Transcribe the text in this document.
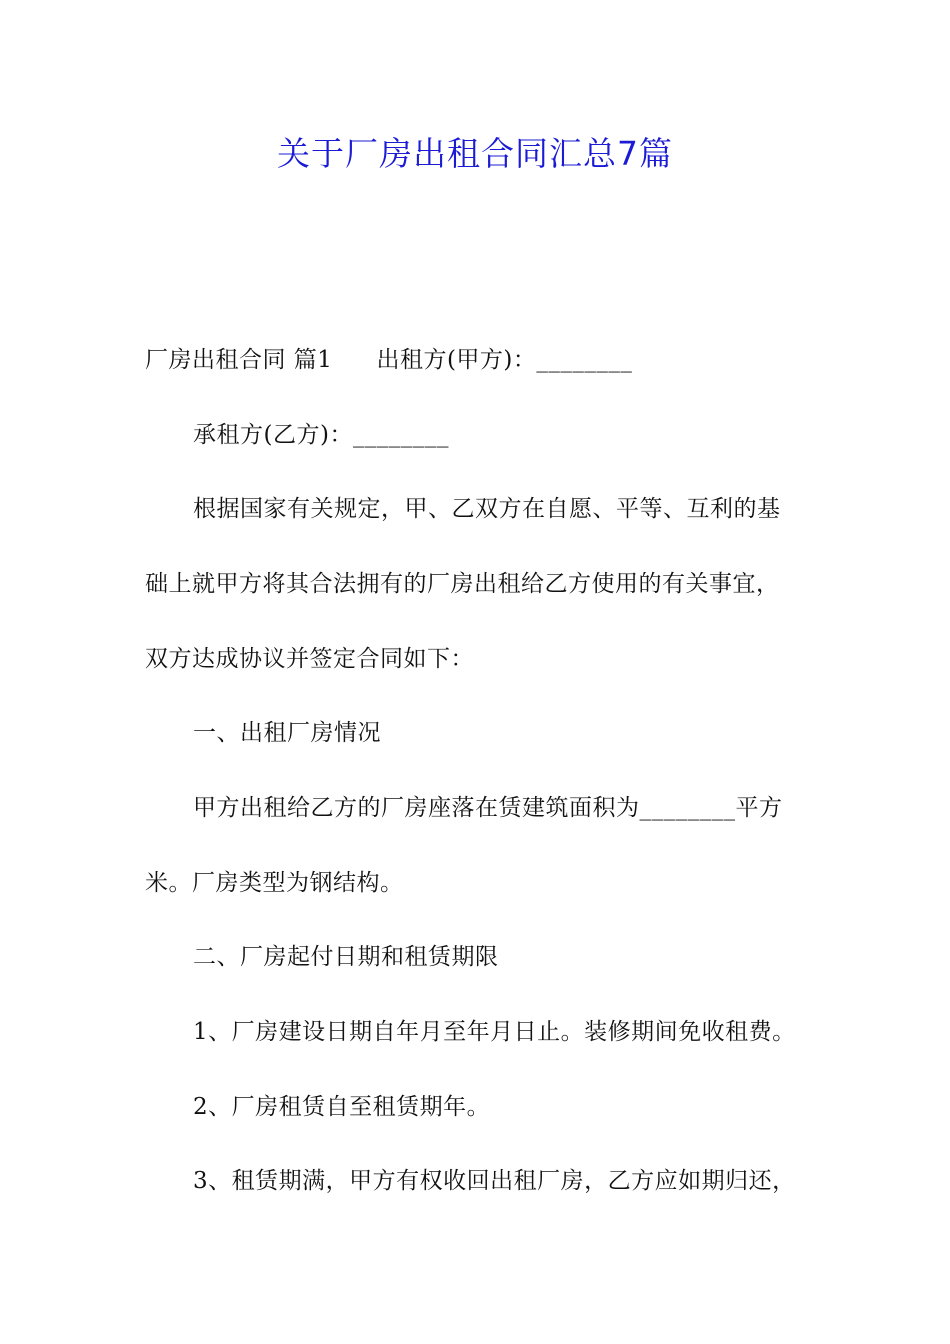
关于厂房出租合同汇总7篇
厂房出租合同 篇1 出租方(甲方)：________
承租方(乙方)：________
根据国家有关规定，甲、乙双方在自愿、平等、互利的基
础上就甲方将其合法拥有的厂房出租给乙方使用的有关事宜，
双方达成协议并签定合同如下：
一、出租厂房情况
甲方出租给乙方的厂房座落在赁建筑面积为________平方
米。厂房类型为钢结构。
二、厂房起付日期和租赁期限
1、厂房建设日期自年月至年月日止。装修期间免收租费。
2、厂房租赁自至租赁期年。
3、租赁期满，甲方有权收回出租厂房，乙方应如期归还，
